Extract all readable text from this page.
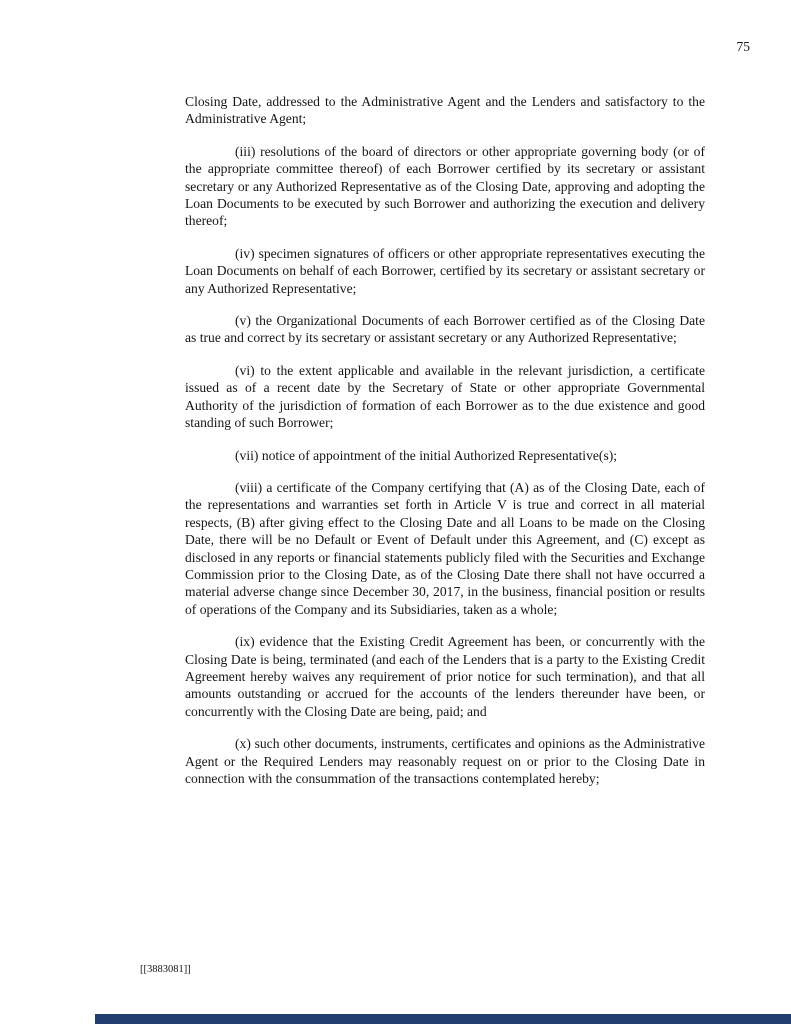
75

Closing Date, addressed to the Administrative Agent and the Lenders and satisfactory to the Administrative Agent;

(iii) resolutions of the board of directors or other appropriate governing body (or of the appropriate committee thereof) of each Borrower certified by its secretary or assistant secretary or any Authorized Representative as of the Closing Date, approving and adopting the Loan Documents to be executed by such Borrower and authorizing the execution and delivery thereof;

(iv) specimen signatures of officers or other appropriate representatives executing the Loan Documents on behalf of each Borrower, certified by its secretary or assistant secretary or any Authorized Representative;

(v) the Organizational Documents of each Borrower certified as of the Closing Date as true and correct by its secretary or assistant secretary or any Authorized Representative;

(vi) to the extent applicable and available in the relevant jurisdiction, a certificate issued as of a recent date by the Secretary of State or other appropriate Governmental Authority of the jurisdiction of formation of each Borrower as to the due existence and good standing of such Borrower;

(vii) notice of appointment of the initial Authorized Representative(s);

(viii) a certificate of the Company certifying that (A) as of the Closing Date, each of the representations and warranties set forth in Article V is true and correct in all material respects, (B) after giving effect to the Closing Date and all Loans to be made on the Closing Date, there will be no Default or Event of Default under this Agreement, and (C) except as disclosed in any reports or financial statements publicly filed with the Securities and Exchange Commission prior to the Closing Date, as of the Closing Date there shall not have occurred a material adverse change since December 30, 2017, in the business, financial position or results of operations of the Company and its Subsidiaries, taken as a whole;

(ix) evidence that the Existing Credit Agreement has been, or concurrently with the Closing Date is being, terminated (and each of the Lenders that is a party to the Existing Credit Agreement hereby waives any requirement of prior notice for such termination), and that all amounts outstanding or accrued for the accounts of the lenders thereunder have been, or concurrently with the Closing Date are being, paid; and

(x) such other documents, instruments, certificates and opinions as the Administrative Agent or the Required Lenders may reasonably request on or prior to the Closing Date in connection with the consummation of the transactions contemplated hereby;

[[3883081]]
